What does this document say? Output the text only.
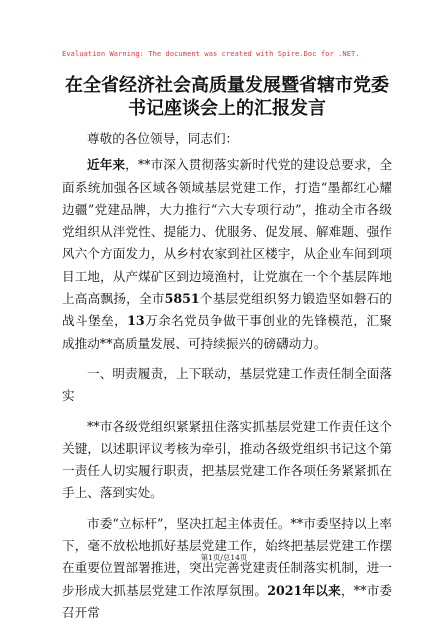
Evaluation Warning: The document was created with Spire.Doc for .NET.
在全省经济社会高质量发展暨省辖市党委书记座谈会上的汇报发言

尊敬的各位领导，同志们：

近年来，**市深入贯彻落实新时代党的建设总要求，全面系统加强各区域各领域基层党建工作，打造“墨都红心耀边疆”党建品牌，大力推行“六大专项行动”，推动全市各级党组织从泮党性、提能力、优服务、促发展、解难题、强作风六个方面发力，从乡村农家到社区楼宇，从企业车间到项目工地，从产煤矿区到边境渔村，让党旗在一个个基层阵地上高高飘扬，全市5851个基层党组织努力锻造坚如磐石的战斗堡垒，13万余名党员争做干事创业的先锋模范，汇聚成推动**高质量发展、可持续振兴的磅礴动力。

一、明责履责，上下联动，基层党建工作责任制全面落实

**市各级党组织紧紧扭住落实抓基层党建工作责任这个关键，以述职评议考核为牵引，推动各级党组织书记这个第一责任人切实履行职责，把基层党建工作各项任务紧紧抓在手上、落到实处。

市委“立标杆”，坚决扛起主体责任。**市委坚持以上率下，毫不放松地抓好基层党建工作，始终把基层党建工作摆在重要位置部署推进，突出完善党建责任制落实机制，进一步形成大抓基层党建工作浓厚氛围。2021年以来，**市委召开常

第1页/总14页
